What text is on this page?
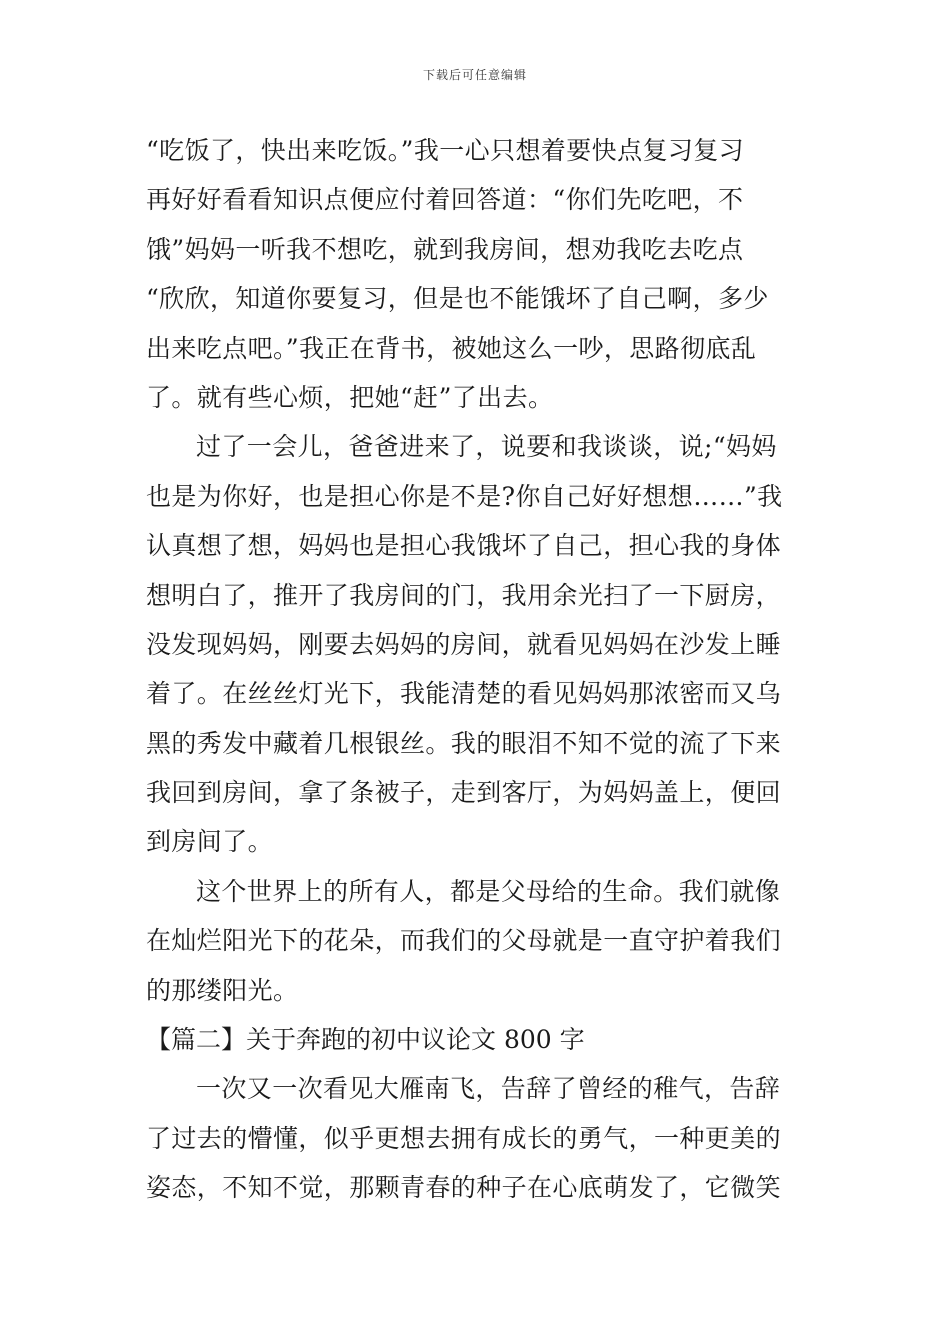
下载后可任意编辑
“吃饭了，快出来吃饭。”我一心只想着要快点复习复习
再好好看看知识点便应付着回答道：“你们先吃吧，不
饿”妈妈一听我不想吃，就到我房间，想劝我吃去吃点
“欣欣，知道你要复习，但是也不能饿坏了自己啊，多少
出来吃点吧。”我正在背书，被她这么一吵，思路彻底乱
了。就有些心烦，把她“赶”了出去。
过了一会儿，爸爸进来了，说要和我谈谈，说;“妈妈
也是为你好，也是担心你是不是?你自己好好想想……”我
认真想了想，妈妈也是担心我饿坏了自己，担心我的身体
想明白了，推开了我房间的门，我用余光扫了一下厨房，
没发现妈妈，刚要去妈妈的房间，就看见妈妈在沙发上睡
着了。在丝丝灯光下，我能清楚的看见妈妈那浓密而又乌
黑的秀发中藏着几根银丝。我的眼泪不知不觉的流了下来
我回到房间，拿了条被子，走到客厅，为妈妈盖上，便回
到房间了。
这个世界上的所有人，都是父母给的生命。我们就像
在灿烂阳光下的花朵，而我们的父母就是一直守护着我们
的那缕阳光。
【篇二】关于奔跑的初中议论文 800 字
一次又一次看见大雁南飞，告辞了曾经的稚气，告辞
了过去的懵懂，似乎更想去拥有成长的勇气，一种更美的
姿态，不知不觉，那颗青春的种子在心底萌发了，它微笑
